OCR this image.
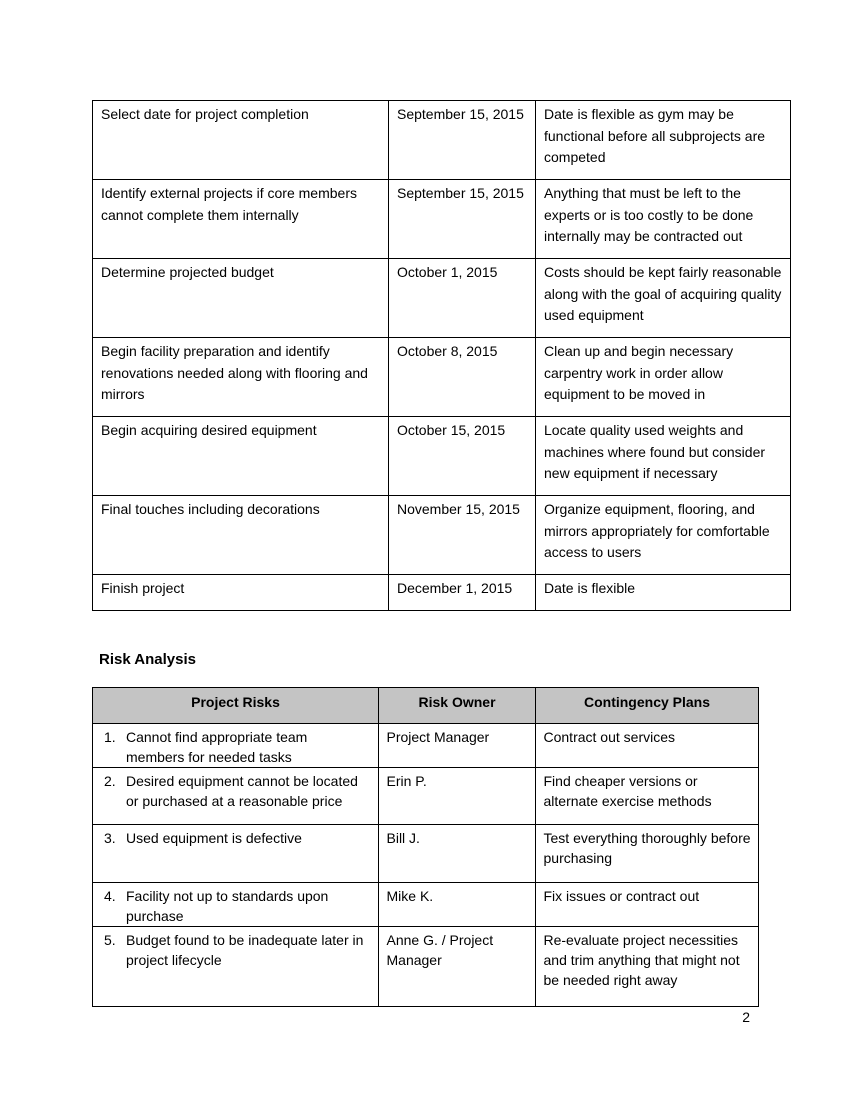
Select date for project completion	September 15, 2015	Date is flexible as gym may be functional before all subprojects are competed
Identify external projects if core members cannot complete them internally	September 15, 2015	Anything that must be left to the experts or is too costly to be done internally may be contracted out
Determine projected budget	October 1, 2015	Costs should be kept fairly reasonable along with the goal of acquiring quality used equipment
Begin facility preparation and identify renovations needed along with flooring and mirrors	October 8, 2015	Clean up and begin necessary carpentry work in order allow equipment to be moved in
Begin acquiring desired equipment	October 15, 2015	Locate quality used weights and machines where found but consider new equipment if necessary
Final touches including decorations	November 15, 2015	Organize equipment, flooring, and mirrors appropriately for comfortable access to users
Finish project	December 1, 2015	Date is flexible
Risk Analysis
Project Risks	Risk Owner	Contingency Plans

1. Cannot find appropriate team members for needed tasks	Project Manager	Contract out services

2. Desired equipment cannot be located or purchased at a reasonable price	Erin P.	Find cheaper versions or alternate exercise methods

3. Used equipment is defective	Bill J.	Test everything thoroughly before purchasing

4. Facility not up to standards upon purchase	Mike K.	Fix issues or contract out

5. Budget found to be inadequate later in project lifecycle	Anne G. / Project Manager	Re-evaluate project necessities and trim anything that might not be needed right away
2
